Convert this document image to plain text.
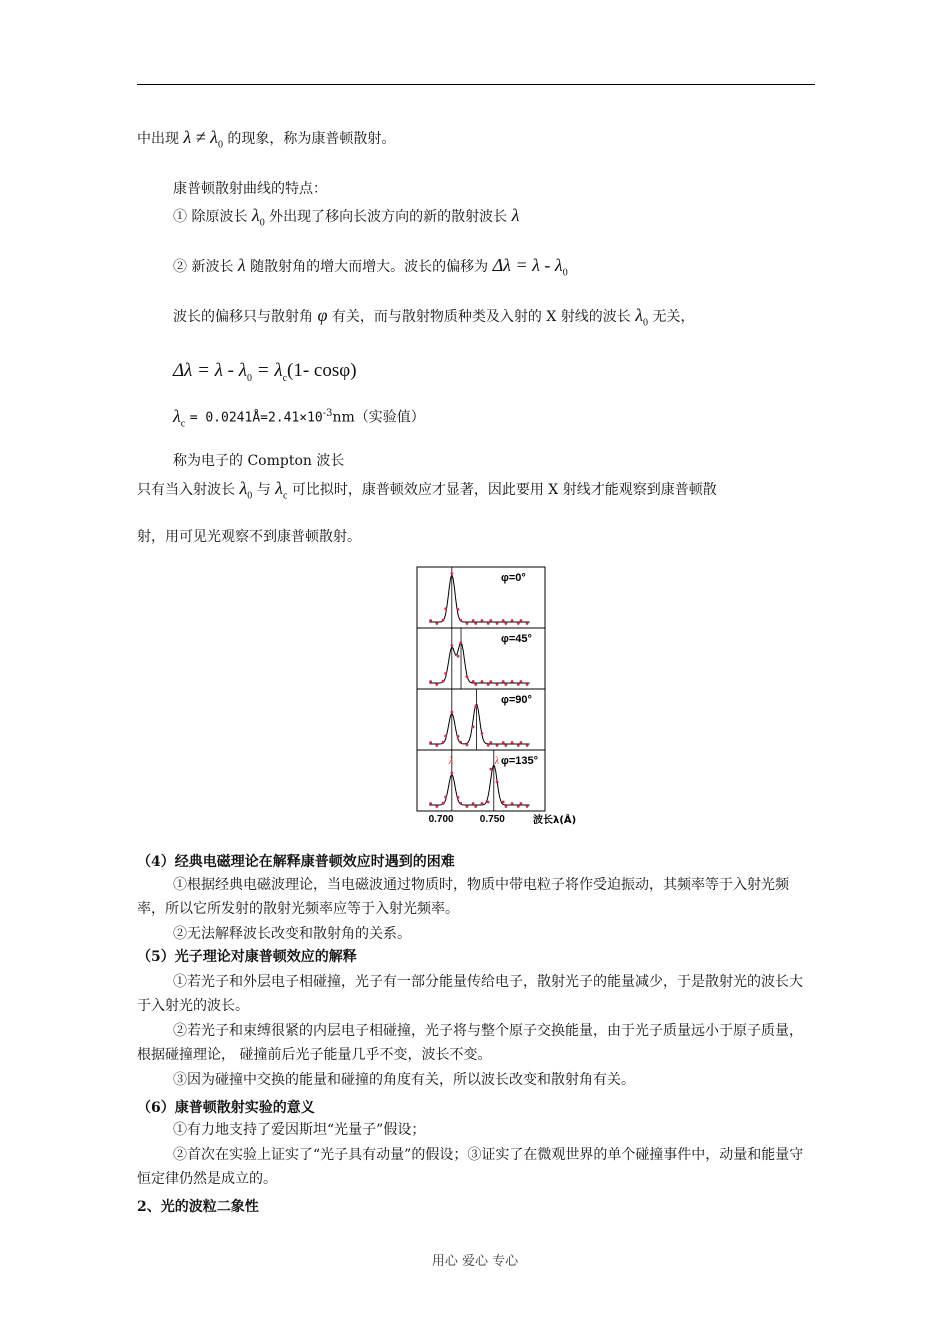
中出现 $\lambda \ne \lambda_0$ 的现象，称为康普顿散射。
康普顿散射曲线的特点：
① 除原波长 $\lambda_0$ 外出现了移向长波方向的新的散射波长 λ
② 新波长 λ 随散射角的增大而增大。波长的偏移为 $\Delta\lambda = \lambda - \lambda_0$
波长的偏移只与散射角 φ 有关，而与散射物质种类及入射的 X 射线的波长 $\lambda_0$ 无关，
$\Delta\lambda = \lambda - \lambda_0 = \lambda_c(1-$ cosφ)
$\lambda_c$ = $0.0241Å=2.41\times 10^{-3}nm$（实验值）
称为电子的 Compton 波长
只有当入射波长 $\lambda_0$ 与 $\lambda_c$ 可比拟时，康普顿效应才显著，因此要用 X 射线才能观察到康普顿散
射，用可见光观察不到康普顿散射。
φ=0°
φ=45°
φ=90°
φ=135°
λ	λ
0.700	0.750	波长λ(Å)
（4）经典电磁理论在解释康普顿效应时遇到的困难
①根据经典电磁波理论，当电磁波通过物质时，物质中带电粒子将作受迫振动，其频率等于入射光频率，所以它所发射的散射光频率应等于入射光频率。
②无法解释波长改变和散射角的关系。
（5）光子理论对康普顿效应的解释
①若光子和外层电子相碰撞，光子有一部分能量传给电子，散射光子的能量减少，于是散射光的波长大于入射光的波长。
②若光子和束缚很紧的内层电子相碰撞，光子将与整个原子交换能量，由于光子质量远小于原子质量，根据碰撞理论， 碰撞前后光子能量几乎不变，波长不变。
③因为碰撞中交换的能量和碰撞的角度有关，所以波长改变和散射角有关。
（6）康普顿散射实验的意义
①有力地支持了爱因斯坦“光量子”假设；
②首次在实验上证实了“光子具有动量”的假设；③证实了在微观世界的单个碰撞事件中，动量和能量守恒定律仍然是成立的。
2、光的波粒二象性
用心 爱心 专心
